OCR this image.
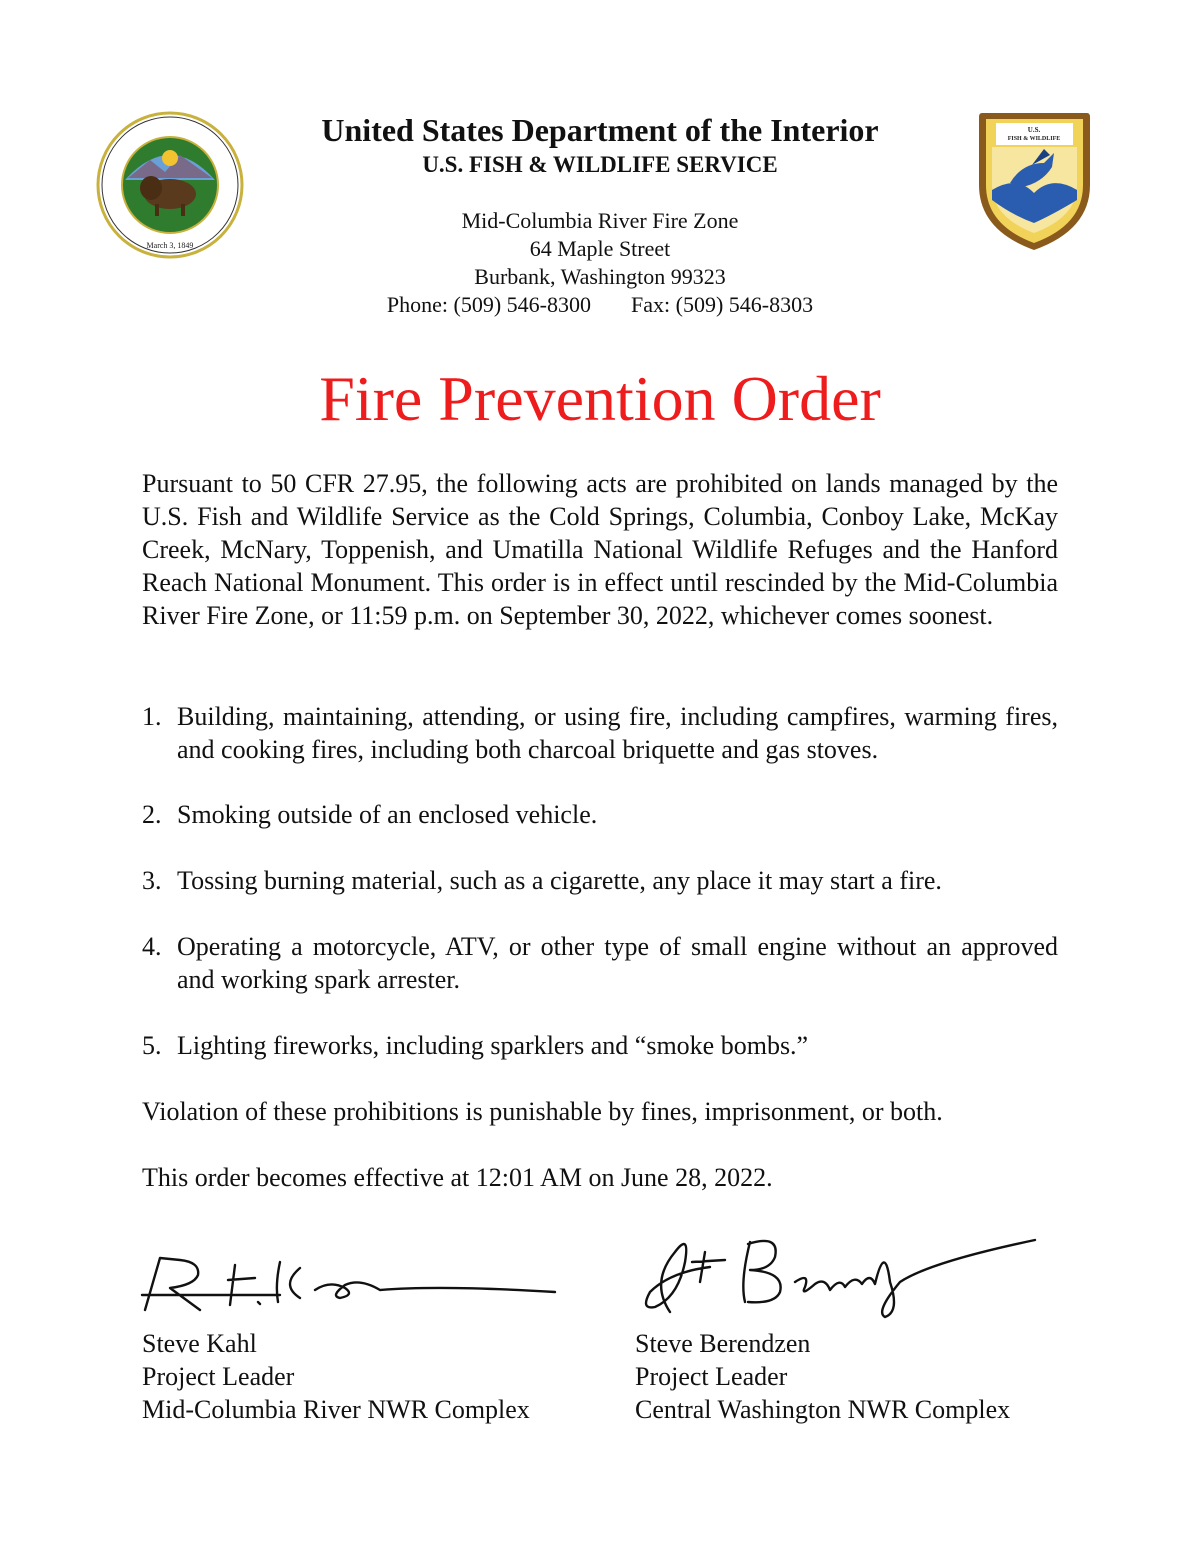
March 3, 1849
U.S.
FISH & WILDLIFE
United States Department of the Interior
U.S. FISH & WILDLIFE SERVICE
Mid-Columbia River Fire Zone
64 Maple Street
Burbank, Washington 99323
Phone: (509) 546-8300 Fax: (509) 546-8303
Fire Prevention Order
Pursuant to 50 CFR 27.95, the following acts are prohibited on lands managed by the U.S. Fish and Wildlife Service as the Cold Springs, Columbia, Conboy Lake, McKay Creek, McNary, Toppenish, and Umatilla National Wildlife Refuges and the Hanford Reach National Monument. This order is in effect until rescinded by the Mid-Columbia River Fire Zone, or 11:59 p.m. on September 30, 2022, whichever comes soonest.
1. Building, maintaining, attending, or using fire, including campfires, warming fires, and cooking fires, including both charcoal briquette and gas stoves.
2. Smoking outside of an enclosed vehicle.
3. Tossing burning material, such as a cigarette, any place it may start a fire.
4. Operating a motorcycle, ATV, or other type of small engine without an approved and working spark arrester.
5. Lighting fireworks, including sparklers and “smoke bombs.”
Violation of these prohibitions is punishable by fines, imprisonment, or both.
This order becomes effective at 12:01 AM on June 28, 2022.
Steve Kahl
Project Leader
Mid-Columbia River NWR Complex
Steve Berendzen
Project Leader
Central Washington NWR Complex
